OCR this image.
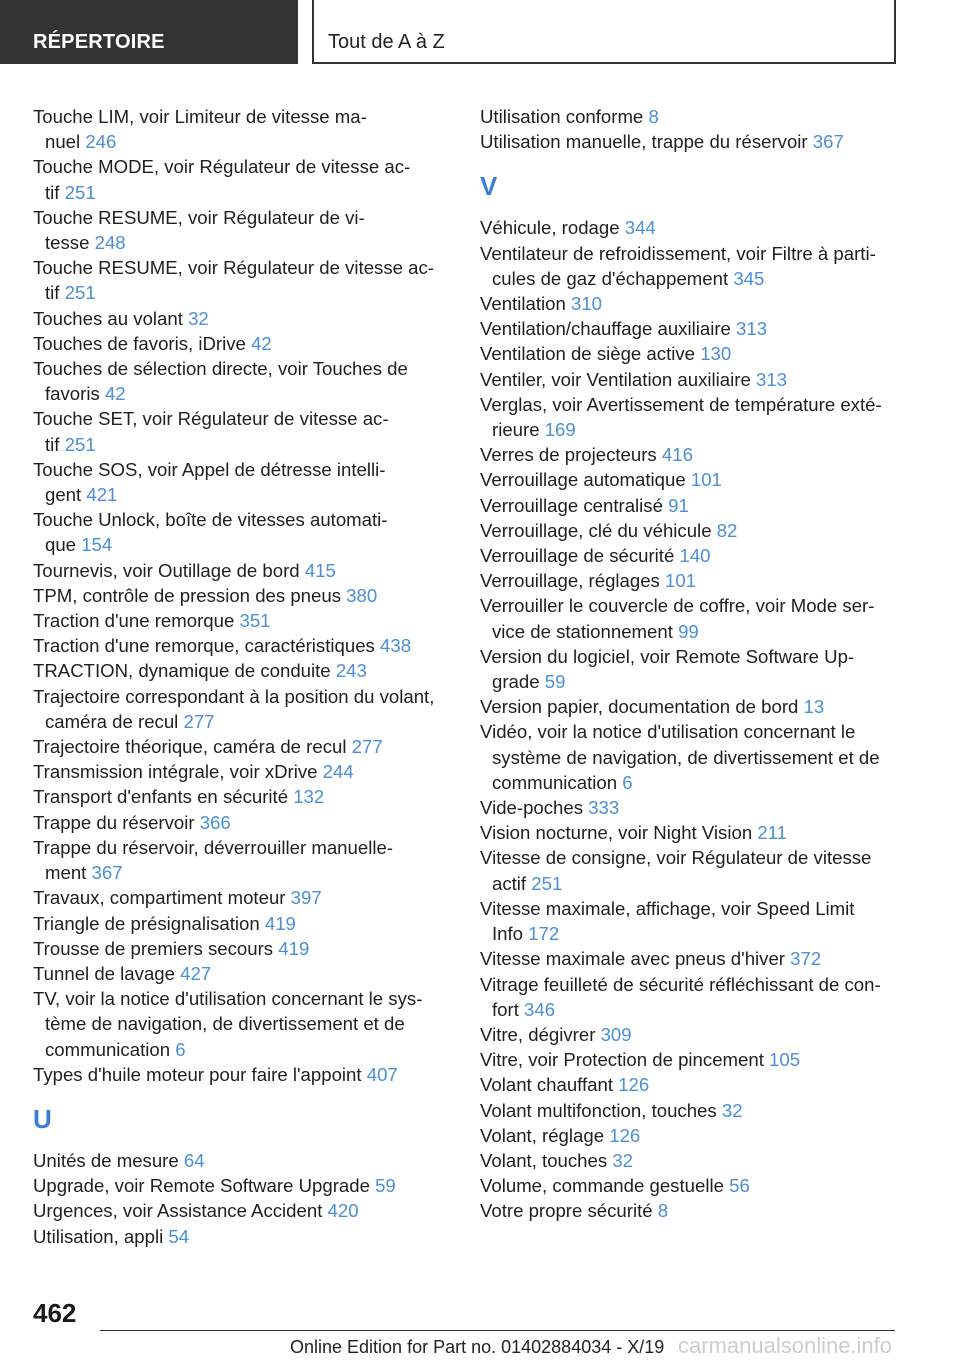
RÉPERTOIRE	Tout de A à Z
Touche LIM, voir Limiteur de vitesse ma-
nuel 246
Touche MODE, voir Régulateur de vitesse ac-
tif 251
Touche RESUME, voir Régulateur de vi-
tesse 248
Touche RESUME, voir Régulateur de vitesse ac-
tif 251
Touches au volant 32
Touches de favoris, iDrive 42
Touches de sélection directe, voir Touches de
favoris 42
Touche SET, voir Régulateur de vitesse ac-
tif 251
Touche SOS, voir Appel de détresse intelli-
gent 421
Touche Unlock, boîte de vitesses automati-
que 154
Tournevis, voir Outillage de bord 415
TPM, contrôle de pression des pneus 380
Traction d'une remorque 351
Traction d'une remorque, caractéristiques 438
TRACTION, dynamique de conduite 243
Trajectoire correspondant à la position du volant,
caméra de recul 277
Trajectoire théorique, caméra de recul 277
Transmission intégrale, voir xDrive 244
Transport d'enfants en sécurité 132
Trappe du réservoir 366
Trappe du réservoir, déverrouiller manuelle-
ment 367
Travaux, compartiment moteur 397
Triangle de présignalisation 419
Trousse de premiers secours 419
Tunnel de lavage 427
TV, voir la notice d'utilisation concernant le sys-
tème de navigation, de divertissement et de
communication 6
Types d'huile moteur pour faire l'appoint 407
U
Unités de mesure 64
Upgrade, voir Remote Software Upgrade 59
Urgences, voir Assistance Accident 420
Utilisation, appli 54
Utilisation conforme 8
Utilisation manuelle, trappe du réservoir 367
V
Véhicule, rodage 344
Ventilateur de refroidissement, voir Filtre à parti-
cules de gaz d'échappement 345
Ventilation 310
Ventilation/chauffage auxiliaire 313
Ventilation de siège active 130
Ventiler, voir Ventilation auxiliaire 313
Verglas, voir Avertissement de température exté-
rieure 169
Verres de projecteurs 416
Verrouillage automatique 101
Verrouillage centralisé 91
Verrouillage, clé du véhicule 82
Verrouillage de sécurité 140
Verrouillage, réglages 101
Verrouiller le couvercle de coffre, voir Mode ser-
vice de stationnement 99
Version du logiciel, voir Remote Software Up-
grade 59
Version papier, documentation de bord 13
Vidéo, voir la notice d'utilisation concernant le
système de navigation, de divertissement et de
communication 6
Vide-poches 333
Vision nocturne, voir Night Vision 211
Vitesse de consigne, voir Régulateur de vitesse
actif 251
Vitesse maximale, affichage, voir Speed Limit
Info 172
Vitesse maximale avec pneus d'hiver 372
Vitrage feuilleté de sécurité réfléchissant de con-
fort 346
Vitre, dégivrer 309
Vitre, voir Protection de pincement 105
Volant chauffant 126
Volant multifonction, touches 32
Volant, réglage 126
Volant, touches 32
Volume, commande gestuelle 56
Votre propre sécurité 8
462
Online Edition for Part no. 01402884034 - X/19 carmanualsonline.info
